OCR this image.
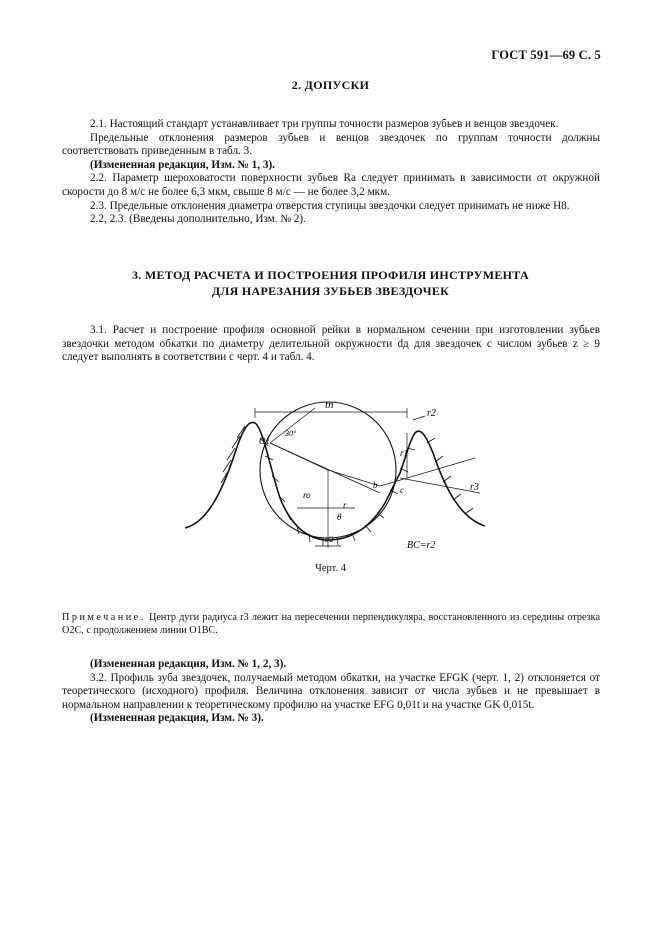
ГОСТ 591—69 С. 5
2. ДОПУСКИ

2.1. Настоящий стандарт устанавливает три группы точности размеров зубьев и венцов звездочек.

Предельные отклонения размеров зубьев и венцов звездочек по группам точности должны соответствовать приведенным в табл. 3.

(Измененная редакция, Изм. № 1, 3).

2.2. Параметр шероховатости поверхности зубьев Ra следует принимать в зависимости от окружной скорости до 8 м/с не более 6,3 мкм, свыше 8 м/с — не более 3,2 мкм.

2.3. Предельные отклонения диаметра отверстия ступицы звездочки следует принимать не ниже H8.

2.2, 2.3. (Введены дополнительно, Изм. № 2).

3. МЕТОД РАСЧЕТА И ПОСТРОЕНИЯ ПРОФИЛЯ ИНСТРУМЕНТА
ДЛЯ НАРЕЗАНИЯ ЗУБЬЕВ ЗВЕЗДОЧЕК

3.1. Расчет и построение профиля основной рейки в нормальном сечении при изготовлении зубьев звездочки методом обкатки по диаметру делительной окружности dд для звездочек с числом зубьев z ≥ 9 следует выполнять в соответствии с черт. 4 и табл. 4.

tn
r2
r3
O1
r1
30°
ro
r
θ
b	c
t/2
BC=r2
Черт. 4
Примечание. Центр дуги радиуса r3 лежит на пересечении перпендикуляра, восстановленного из середины отрезка O2C, с продолжением линии O1BC.

(Измененная редакция, Изм. № 1, 2, 3).

3.2. Профиль зуба звездочек, получаемый методом обкатки, на участке EFGK (черт. 1, 2) отклоняется от теоретического (исходного) профиля. Величина отклонения зависит от числа зубьев и не превышает в нормальном направлении к теоретическому профилю на участке EFG 0,01t и на участке GK 0,015t.

(Измененная редакция, Изм. № 3).
